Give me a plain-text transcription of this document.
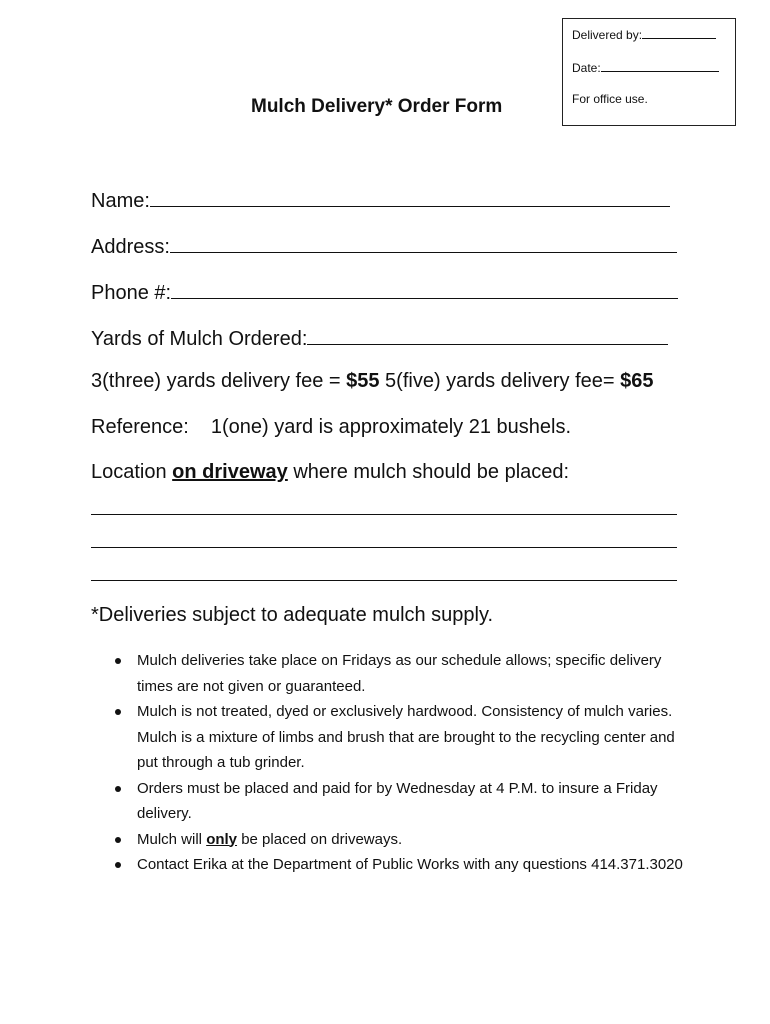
Delivered by:
Date:
For office use.
Mulch Delivery* Order Form
Name:
Address:
Phone #:
Yards of Mulch Ordered:
3(three) yards delivery fee = $55 5(five) yards delivery fee= $65
Reference: 1(one) yard is approximately 21 bushels.
Location on driveway where mulch should be placed:
*Deliveries subject to adequate mulch supply.

Mulch deliveries take place on Fridays as our schedule allows; specific delivery times are not given or guaranteed.

Mulch is not treated, dyed or exclusively hardwood. Consistency of mulch varies. Mulch is a mixture of limbs and brush that are brought to the recycling center and put through a tub grinder.

Orders must be placed and paid for by Wednesday at 4 P.M. to insure a Friday delivery.

Mulch will only be placed on driveways.

Contact Erika at the Department of Public Works with any questions 414.371.3020
